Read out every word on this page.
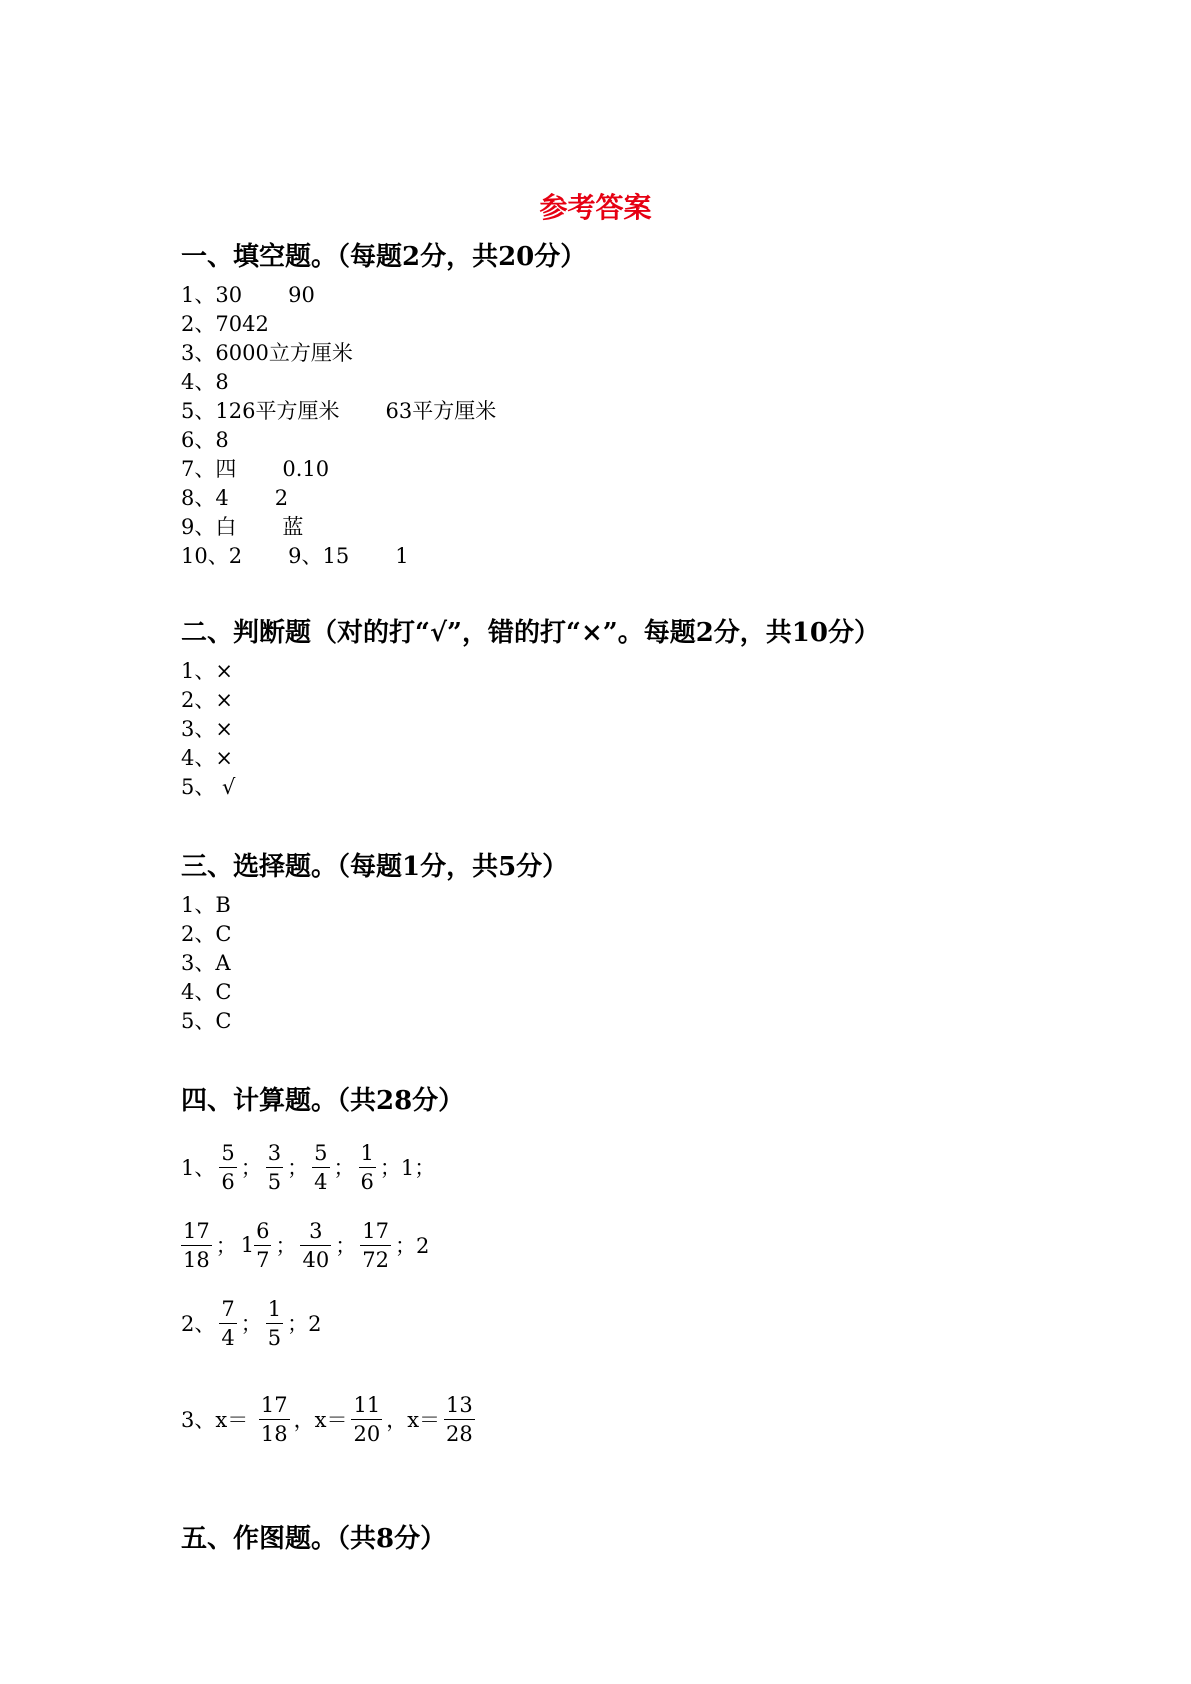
参考答案
一、填空题。（每题2分，共20分）
1、30 90
2、7042
3、6000立方厘米
4、8
5、126平方厘米 63平方厘米
6、8
7、四 0.10
8、4 2
9、白 蓝
10、2 9、15 1
二、判断题（对的打“√”，错的打“×”。每题2分，共10分）
1、×
2、×
3、×
4、×
5、 √
三、选择题。（每题1分，共5分）
1、B
2、C
3、A
4、C
5、C
四、计算题。（共28分）
1、 $\frac{5}{6}$ ； $\frac{3}{5}$ ； $\frac{5}{4}$ ； $\frac{1}{6}$ ；1；
$\frac{17}{18}$ ； $1 \frac{6}{7}$ ； $\frac{3}{40}$ ； $\frac{17}{72}$ ；2
2、 $\frac{7}{4}$ ； $\frac{1}{5}$ ；2
3、$x= \frac{17}{18}$ ，$x= \frac{11}{20}$ ，$x= \frac{13}{28}$
五、作图题。（共8分）
